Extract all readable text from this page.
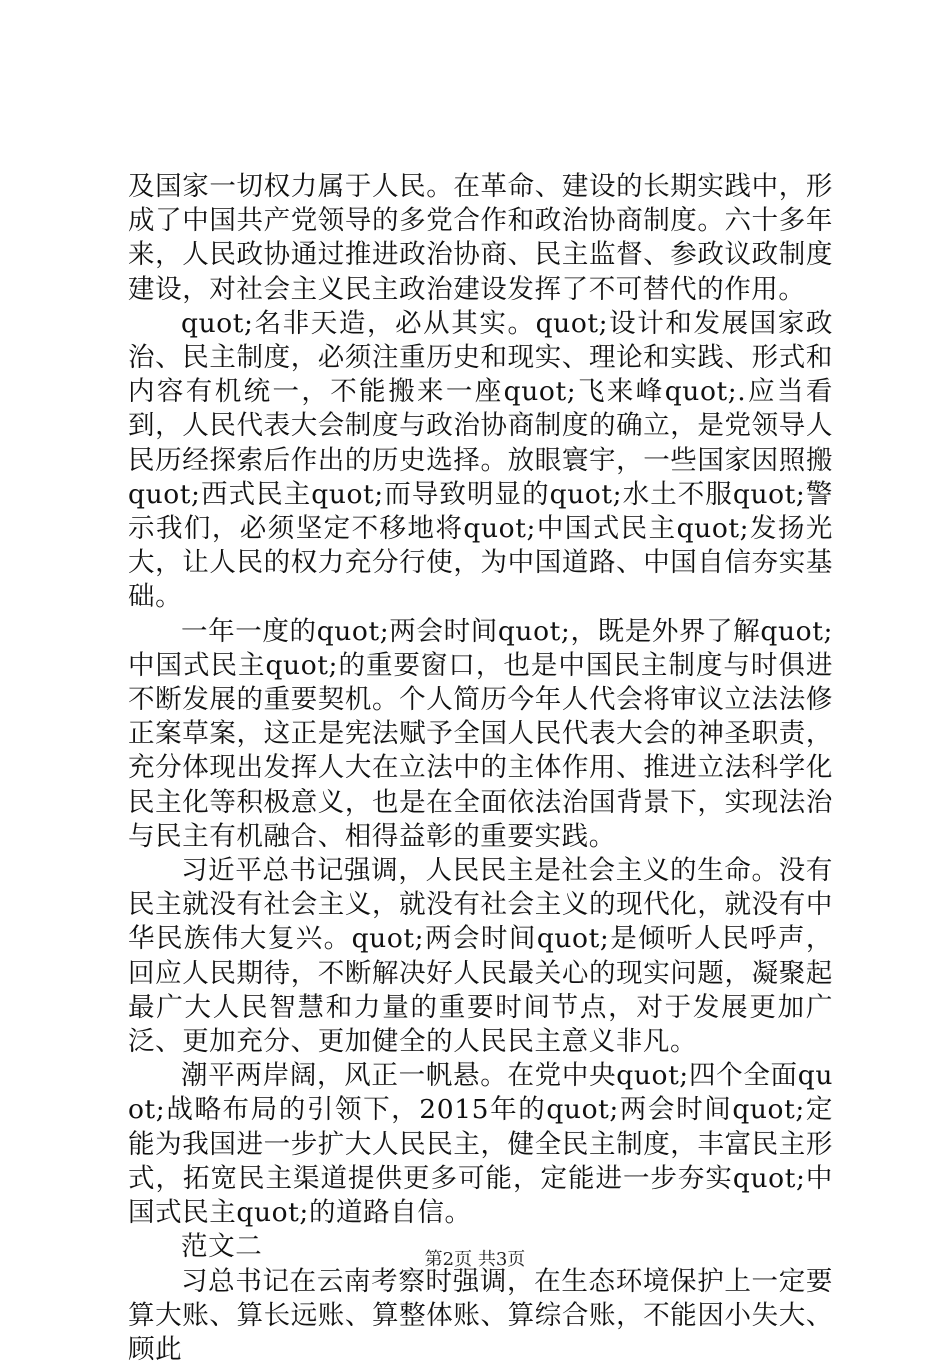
及国家一切权力属于人民。在革命、建设的长期实践中，形成了中国共产党领导的多党合作和政治协商制度。六十多年来，人民政协通过推进政治协商、民主监督、参政议政制度建设，对社会主义民主政治建设发挥了不可替代的作用。

quot;名非天造，必从其实。quot;设计和发展国家政治、民主制度，必须注重历史和现实、理论和实践、形式和内容有机统一，不能搬来一座quot;飞来峰quot;.应当看到，人民代表大会制度与政治协商制度的确立，是党领导人民历经探索后作出的历史选择。放眼寰宇，一些国家因照搬quot;西式民主quot;而导致明显的quot;水土不服quot;警示我们，必须坚定不移地将quot;中国式民主quot;发扬光大，让人民的权力充分行使，为中国道路、中国自信夯实基础。

一年一度的quot;两会时间quot;，既是外界了解quot;中国式民主quot;的重要窗口，也是中国民主制度与时俱进不断发展的重要契机。个人简历今年人代会将审议立法法修正案草案，这正是宪法赋予全国人民代表大会的神圣职责，充分体现出发挥人大在立法中的主体作用、推进立法科学化民主化等积极意义，也是在全面依法治国背景下，实现法治与民主有机融合、相得益彰的重要实践。

习近平总书记强调，人民民主是社会主义的生命。没有民主就没有社会主义，就没有社会主义的现代化，就没有中华民族伟大复兴。quot;两会时间quot;是倾听人民呼声，回应人民期待，不断解决好人民最关心的现实问题，凝聚起最广大人民智慧和力量的重要时间节点，对于发展更加广泛、更加充分、更加健全的人民民主意义非凡。

潮平两岸阔，风正一帆悬。在党中央quot;四个全面quot;战略布局的引领下，2015年的quot;两会时间quot;定能为我国进一步扩大人民民主，健全民主制度，丰富民主形式，拓宽民主渠道提供更多可能，定能进一步夯实quot;中国式民主quot;的道路自信。

范文二

习总书记在云南考察时强调，在生态环境保护上一定要算大账、算长远账、算整体账、算综合账，不能因小失大、顾此

第2页 共3页
